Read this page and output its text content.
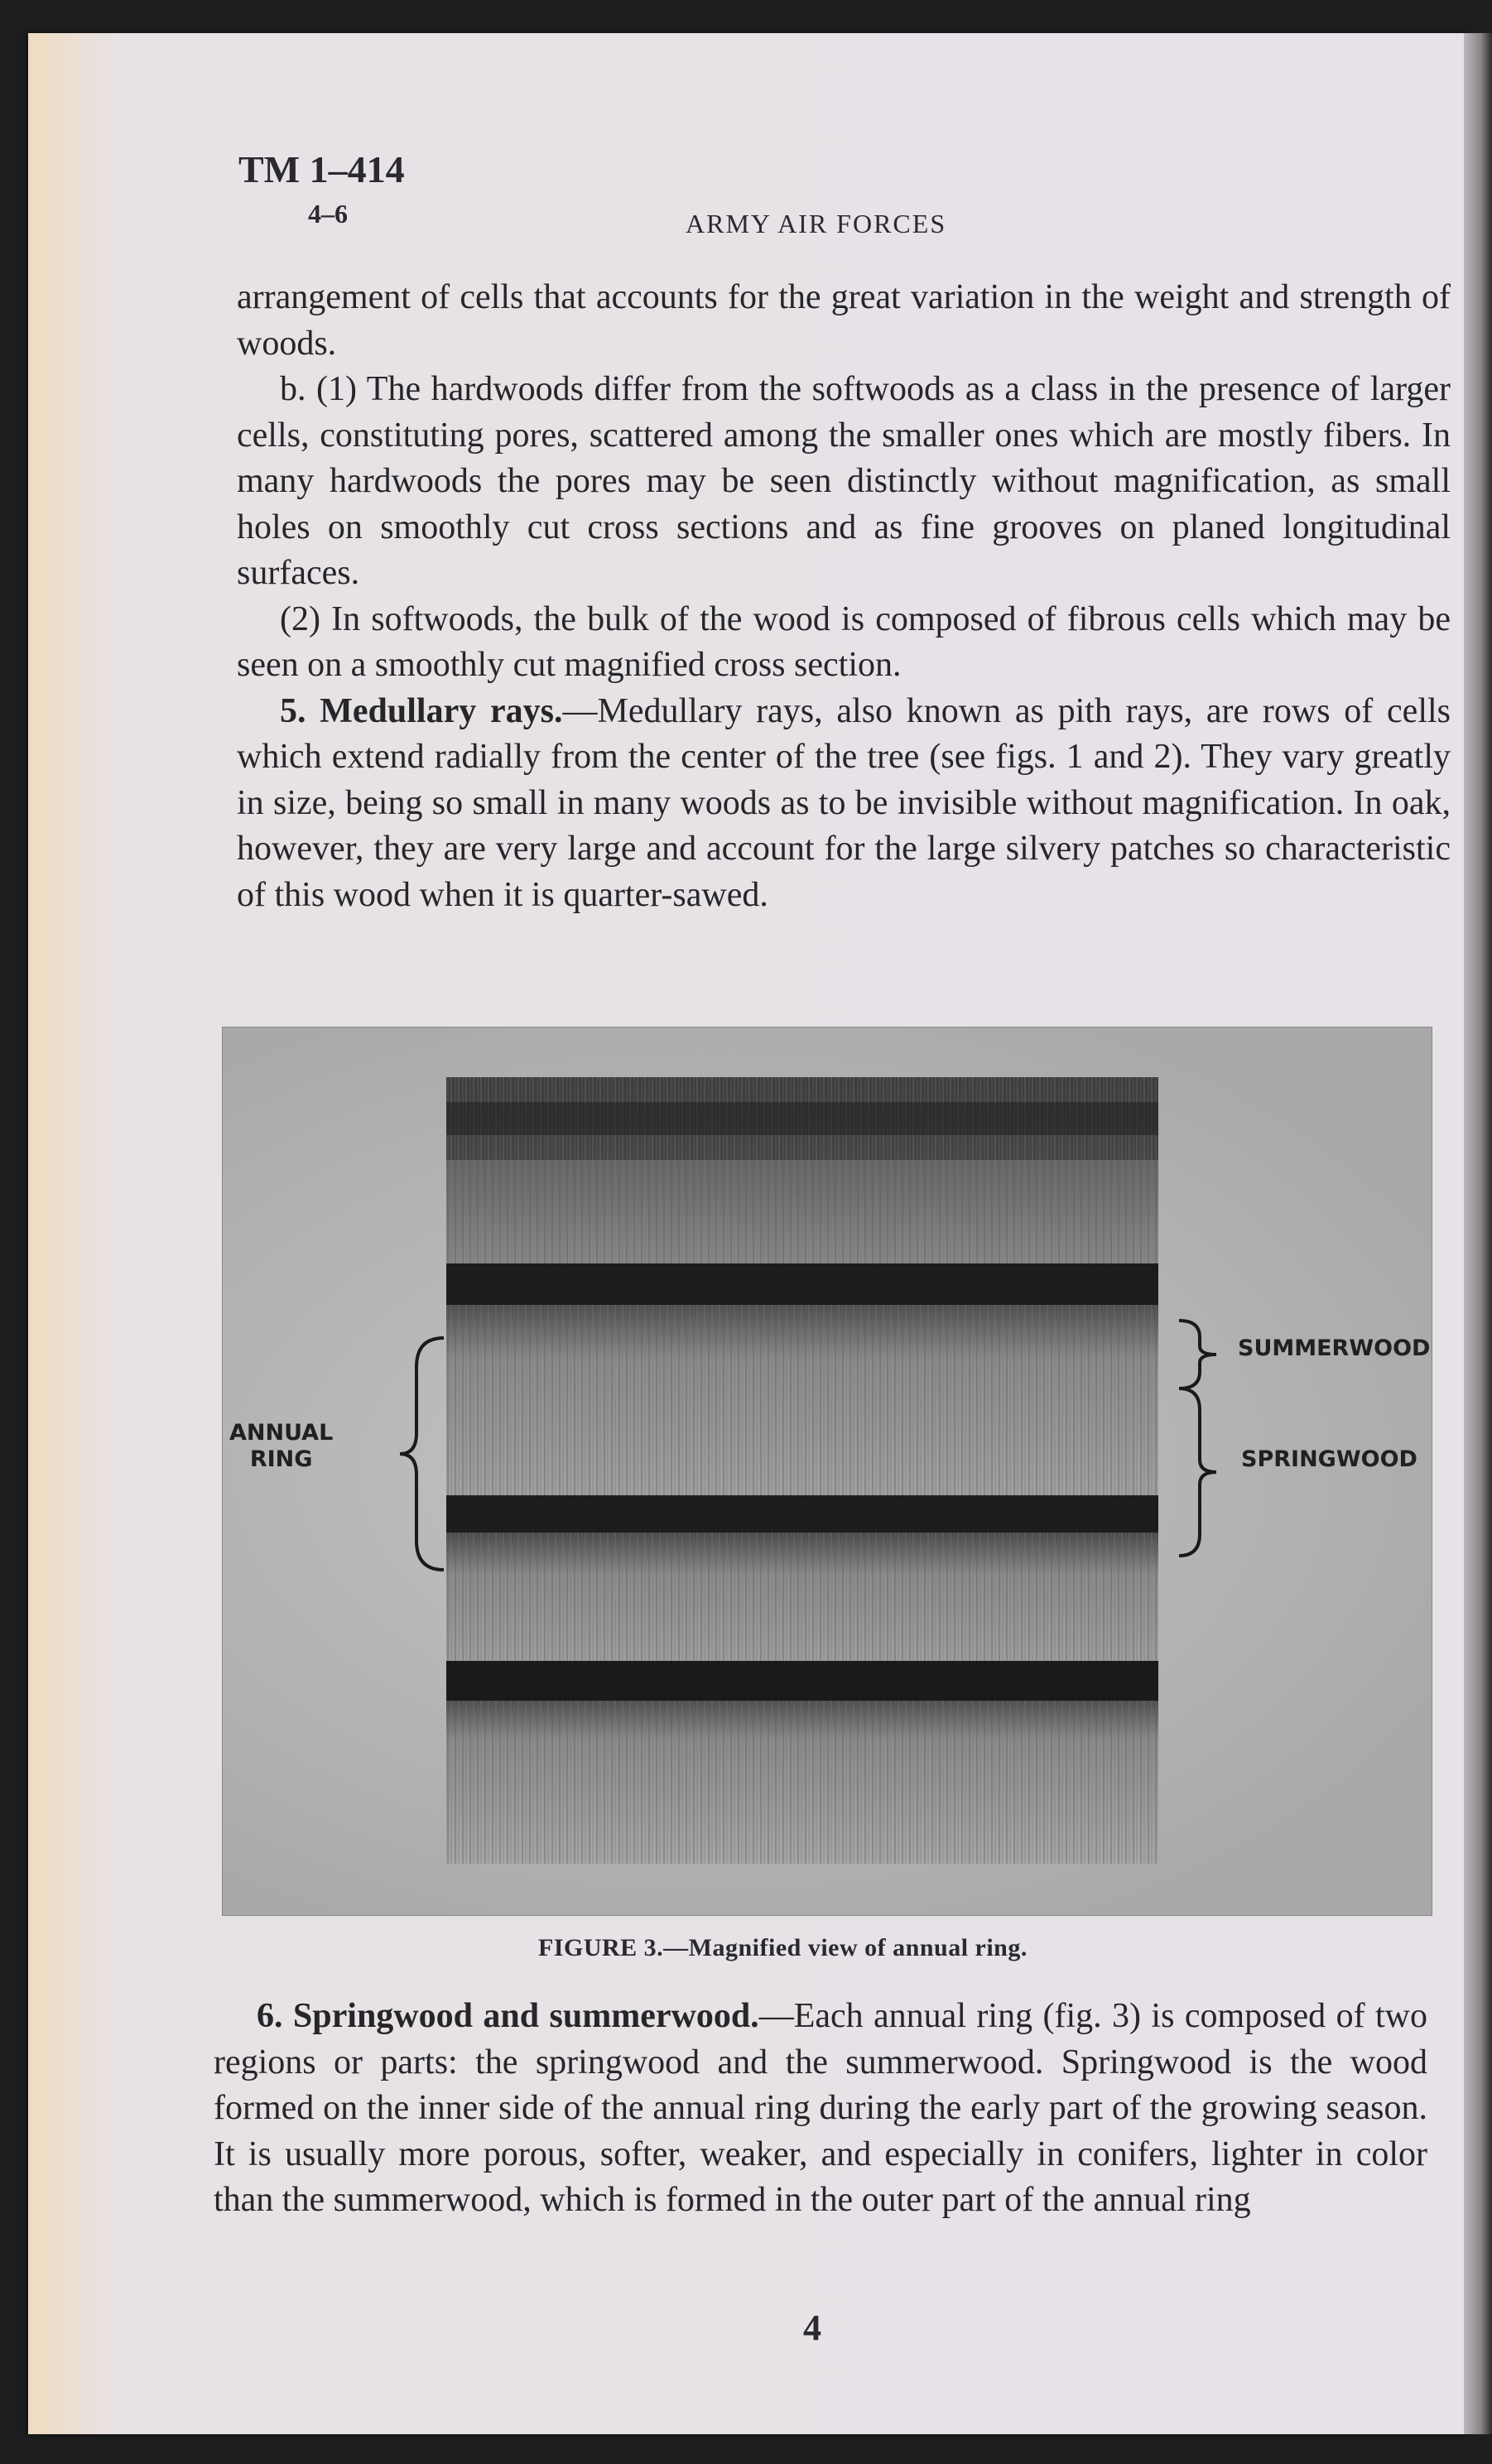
TM 1–414
4–6	ARMY AIR FORCES

arrangement of cells that accounts for the great variation in the weight and strength of woods.

b. (1) The hardwoods differ from the softwoods as a class in the presence of larger cells, constituting pores, scattered among the smaller ones which are mostly fibers. In many hardwoods the pores may be seen distinctly without magnification, as small holes on smoothly cut cross sections and as fine grooves on planed longitudinal surfaces.

(2) In softwoods, the bulk of the wood is composed of fibrous cells which may be seen on a smoothly cut magnified cross section.

5. Medullary rays.—Medullary rays, also known as pith rays, are rows of cells which extend radially from the center of the tree (see figs. 1 and 2). They vary greatly in size, being so small in many woods as to be invisible without magnification. In oak, however, they are very large and account for the large silvery patches so characteristic of this wood when it is quarter-sawed.

ANNUAL
RING
SUMMERWOOD
SPRINGWOOD
FIGURE 3.—Magnified view of annual ring.

6. Springwood and summerwood.—Each annual ring (fig. 3) is composed of two regions or parts: the springwood and the summerwood. Springwood is the wood formed on the inner side of the annual ring during the early part of the growing season. It is usually more porous, softer, weaker, and especially in conifers, lighter in color than the summerwood, which is formed in the outer part of the annual ring

4
